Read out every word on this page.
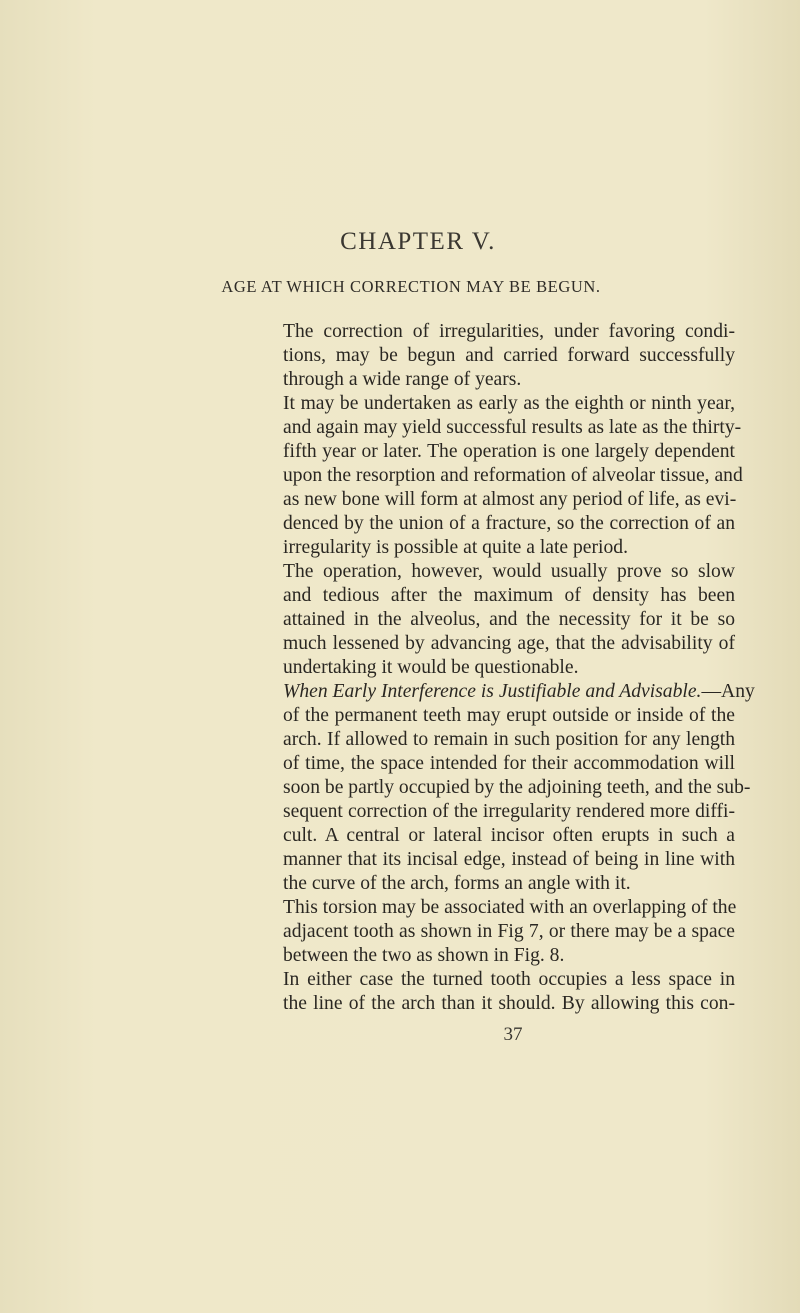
CHAPTER V.
AGE AT WHICH CORRECTION MAY BE BEGUN.
The correction of irregularities, under favoring condi-
tions, may be begun and carried forward successfully
through a wide range of years.
It may be undertaken as early as the eighth or ninth year,
and again may yield successful results as late as the thirty-
fifth year or later. The operation is one largely dependent
upon the resorption and reformation of alveolar tissue, and
as new bone will form at almost any period of life, as evi-
denced by the union of a fracture, so the correction of an
irregularity is possible at quite a late period.
The operation, however, would usually prove so slow
and tedious after the maximum of density has been
attained in the alveolus, and the necessity for it be so
much lessened by advancing age, that the advisability of
undertaking it would be questionable.
When Early Interference is Justifiable and Advisable.—Any
of the permanent teeth may erupt outside or inside of the
arch. If allowed to remain in such position for any length
of time, the space intended for their accommodation will
soon be partly occupied by the adjoining teeth, and the sub-
sequent correction of the irregularity rendered more diffi-
cult. A central or lateral incisor often erupts in such a
manner that its incisal edge, instead of being in line with
the curve of the arch, forms an angle with it.
This torsion may be associated with an overlapping of the
adjacent tooth as shown in Fig 7, or there may be a space
between the two as shown in Fig. 8.
In either case the turned tooth occupies a less space in
the line of the arch than it should. By allowing this con-
37
